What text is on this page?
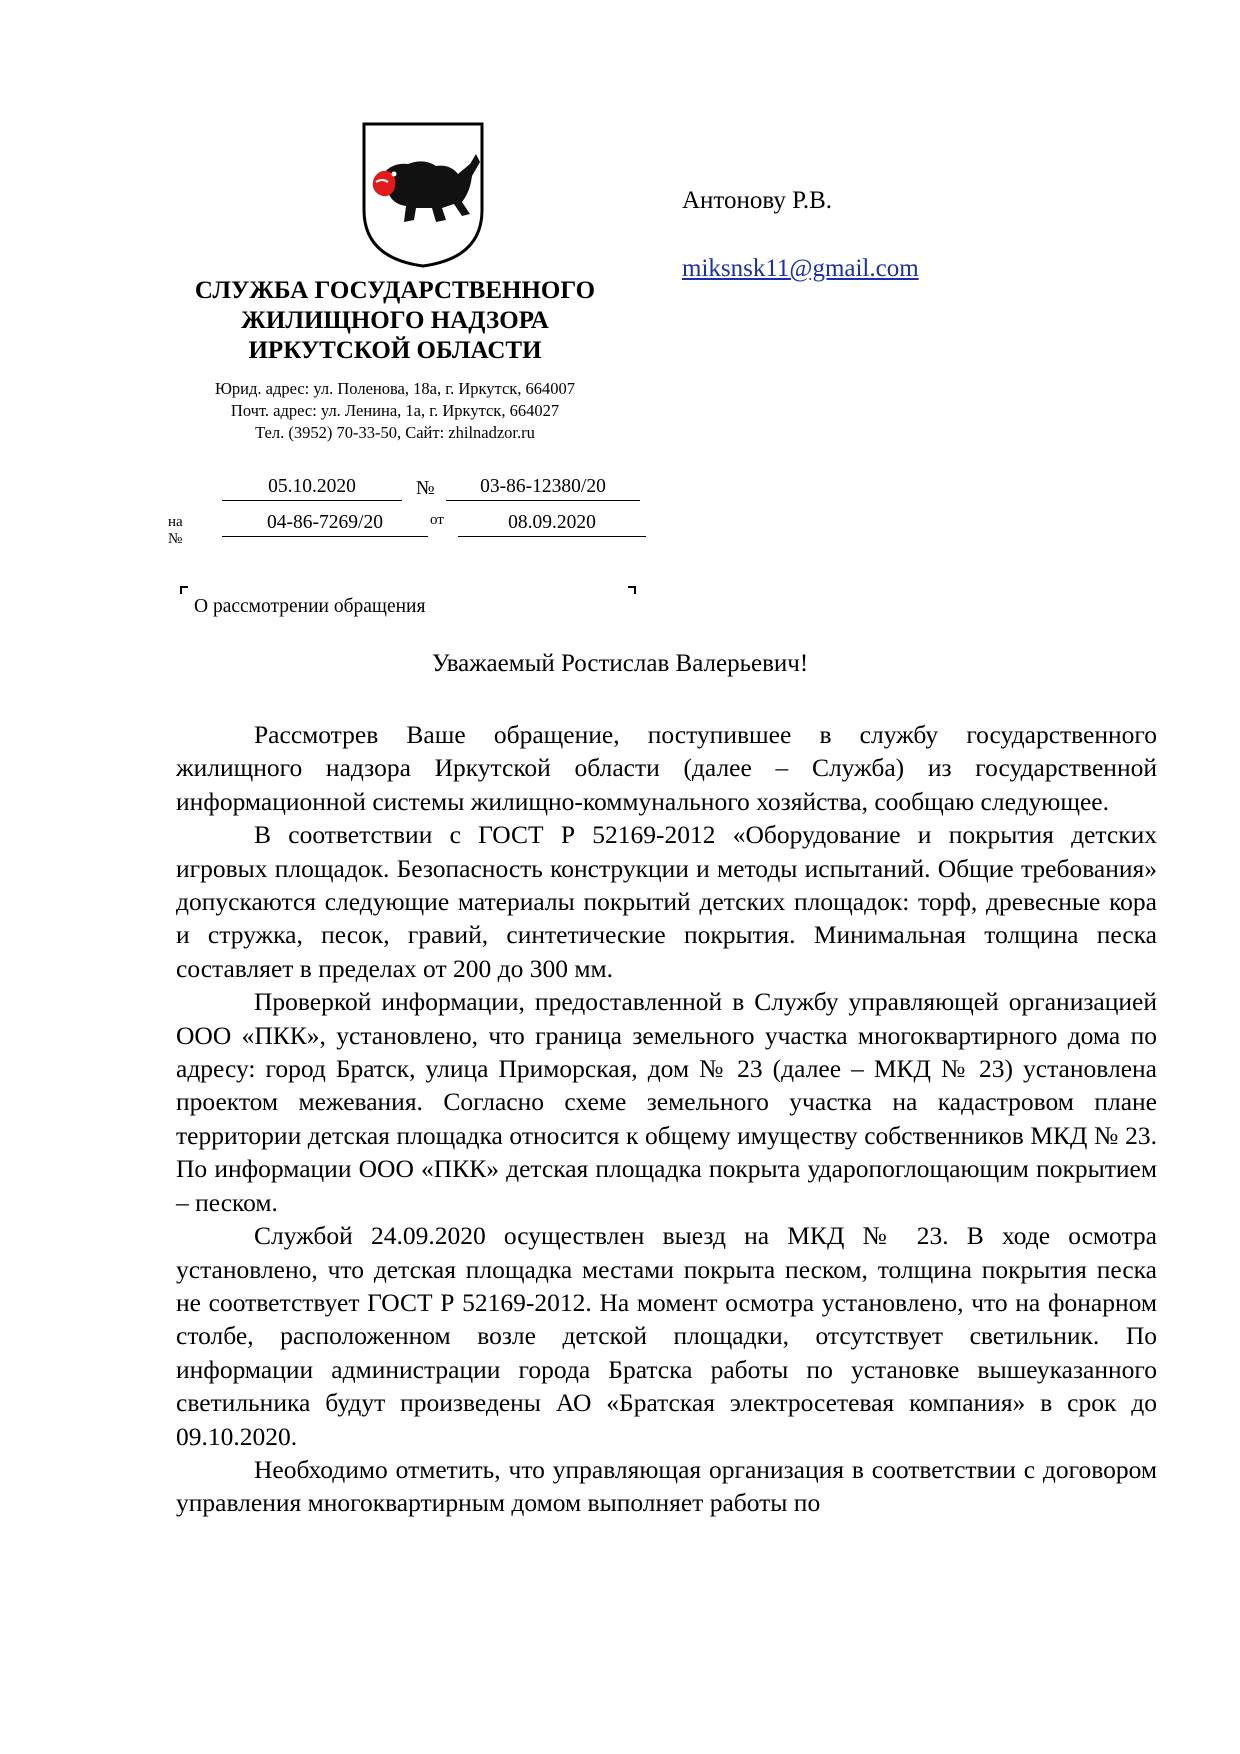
СЛУЖБА ГОСУДАРСТВЕННОГО
ЖИЛИЩНОГО НАДЗОРА
ИРКУТСКОЙ ОБЛАСТИ
Юрид. адрес: ул. Поленова, 18а, г. Иркутск, 664007
Почт. адрес: ул. Ленина, 1а, г. Иркутск, 664027
Тел. (3952) 70-33-50, Сайт: zhilnadzor.ru
05.10.2020	№	03-86-12380/20
на №
04-86-7269/20	от	08.09.2020
Антонову Р.В.
miksnsk11@gmail.com
О рассмотрении обращения
Уважаемый Ростислав Валерьевич!

Рассмотрев Ваше обращение, поступившее в службу государственного жилищного надзора Иркутской области (далее – Служба) из государственной информационной системы жилищно-коммунального хозяйства, сообщаю следующее.

В соответствии с ГОСТ Р 52169-2012 «Оборудование и покрытия детских игровых площадок. Безопасность конструкции и методы испытаний. Общие требования» допускаются следующие материалы покрытий детских площадок: торф, древесные кора и стружка, песок, гравий, синтетические покрытия. Минимальная толщина песка составляет в пределах от 200 до 300 мм.

Проверкой информации, предоставленной в Службу управляющей организацией ООО «ПКК», установлено, что граница земельного участка многоквартирного дома по адресу: город Братск, улица Приморская, дом № 23 (далее – МКД № 23) установлена проектом межевания. Согласно схеме земельного участка на кадастровом плане территории детская площадка относится к общему имуществу собственников МКД № 23. По информации ООО «ПКК» детская площадка покрыта ударопоглощающим покрытием – песком.

Службой 24.09.2020 осуществлен выезд на МКД № 23. В ходе осмотра установлено, что детская площадка местами покрыта песком, толщина покрытия песка не соответствует ГОСТ Р 52169-2012. На момент осмотра установлено, что на фонарном столбе, расположенном возле детской площадки, отсутствует светильник. По информации администрации города Братска работы по установке вышеуказанного светильника будут произведены АО «Братская электросетевая компания» в срок до 09.10.2020.

Необходимо отметить, что управляющая организация в соответствии с договором управления многоквартирным домом выполняет работы по
